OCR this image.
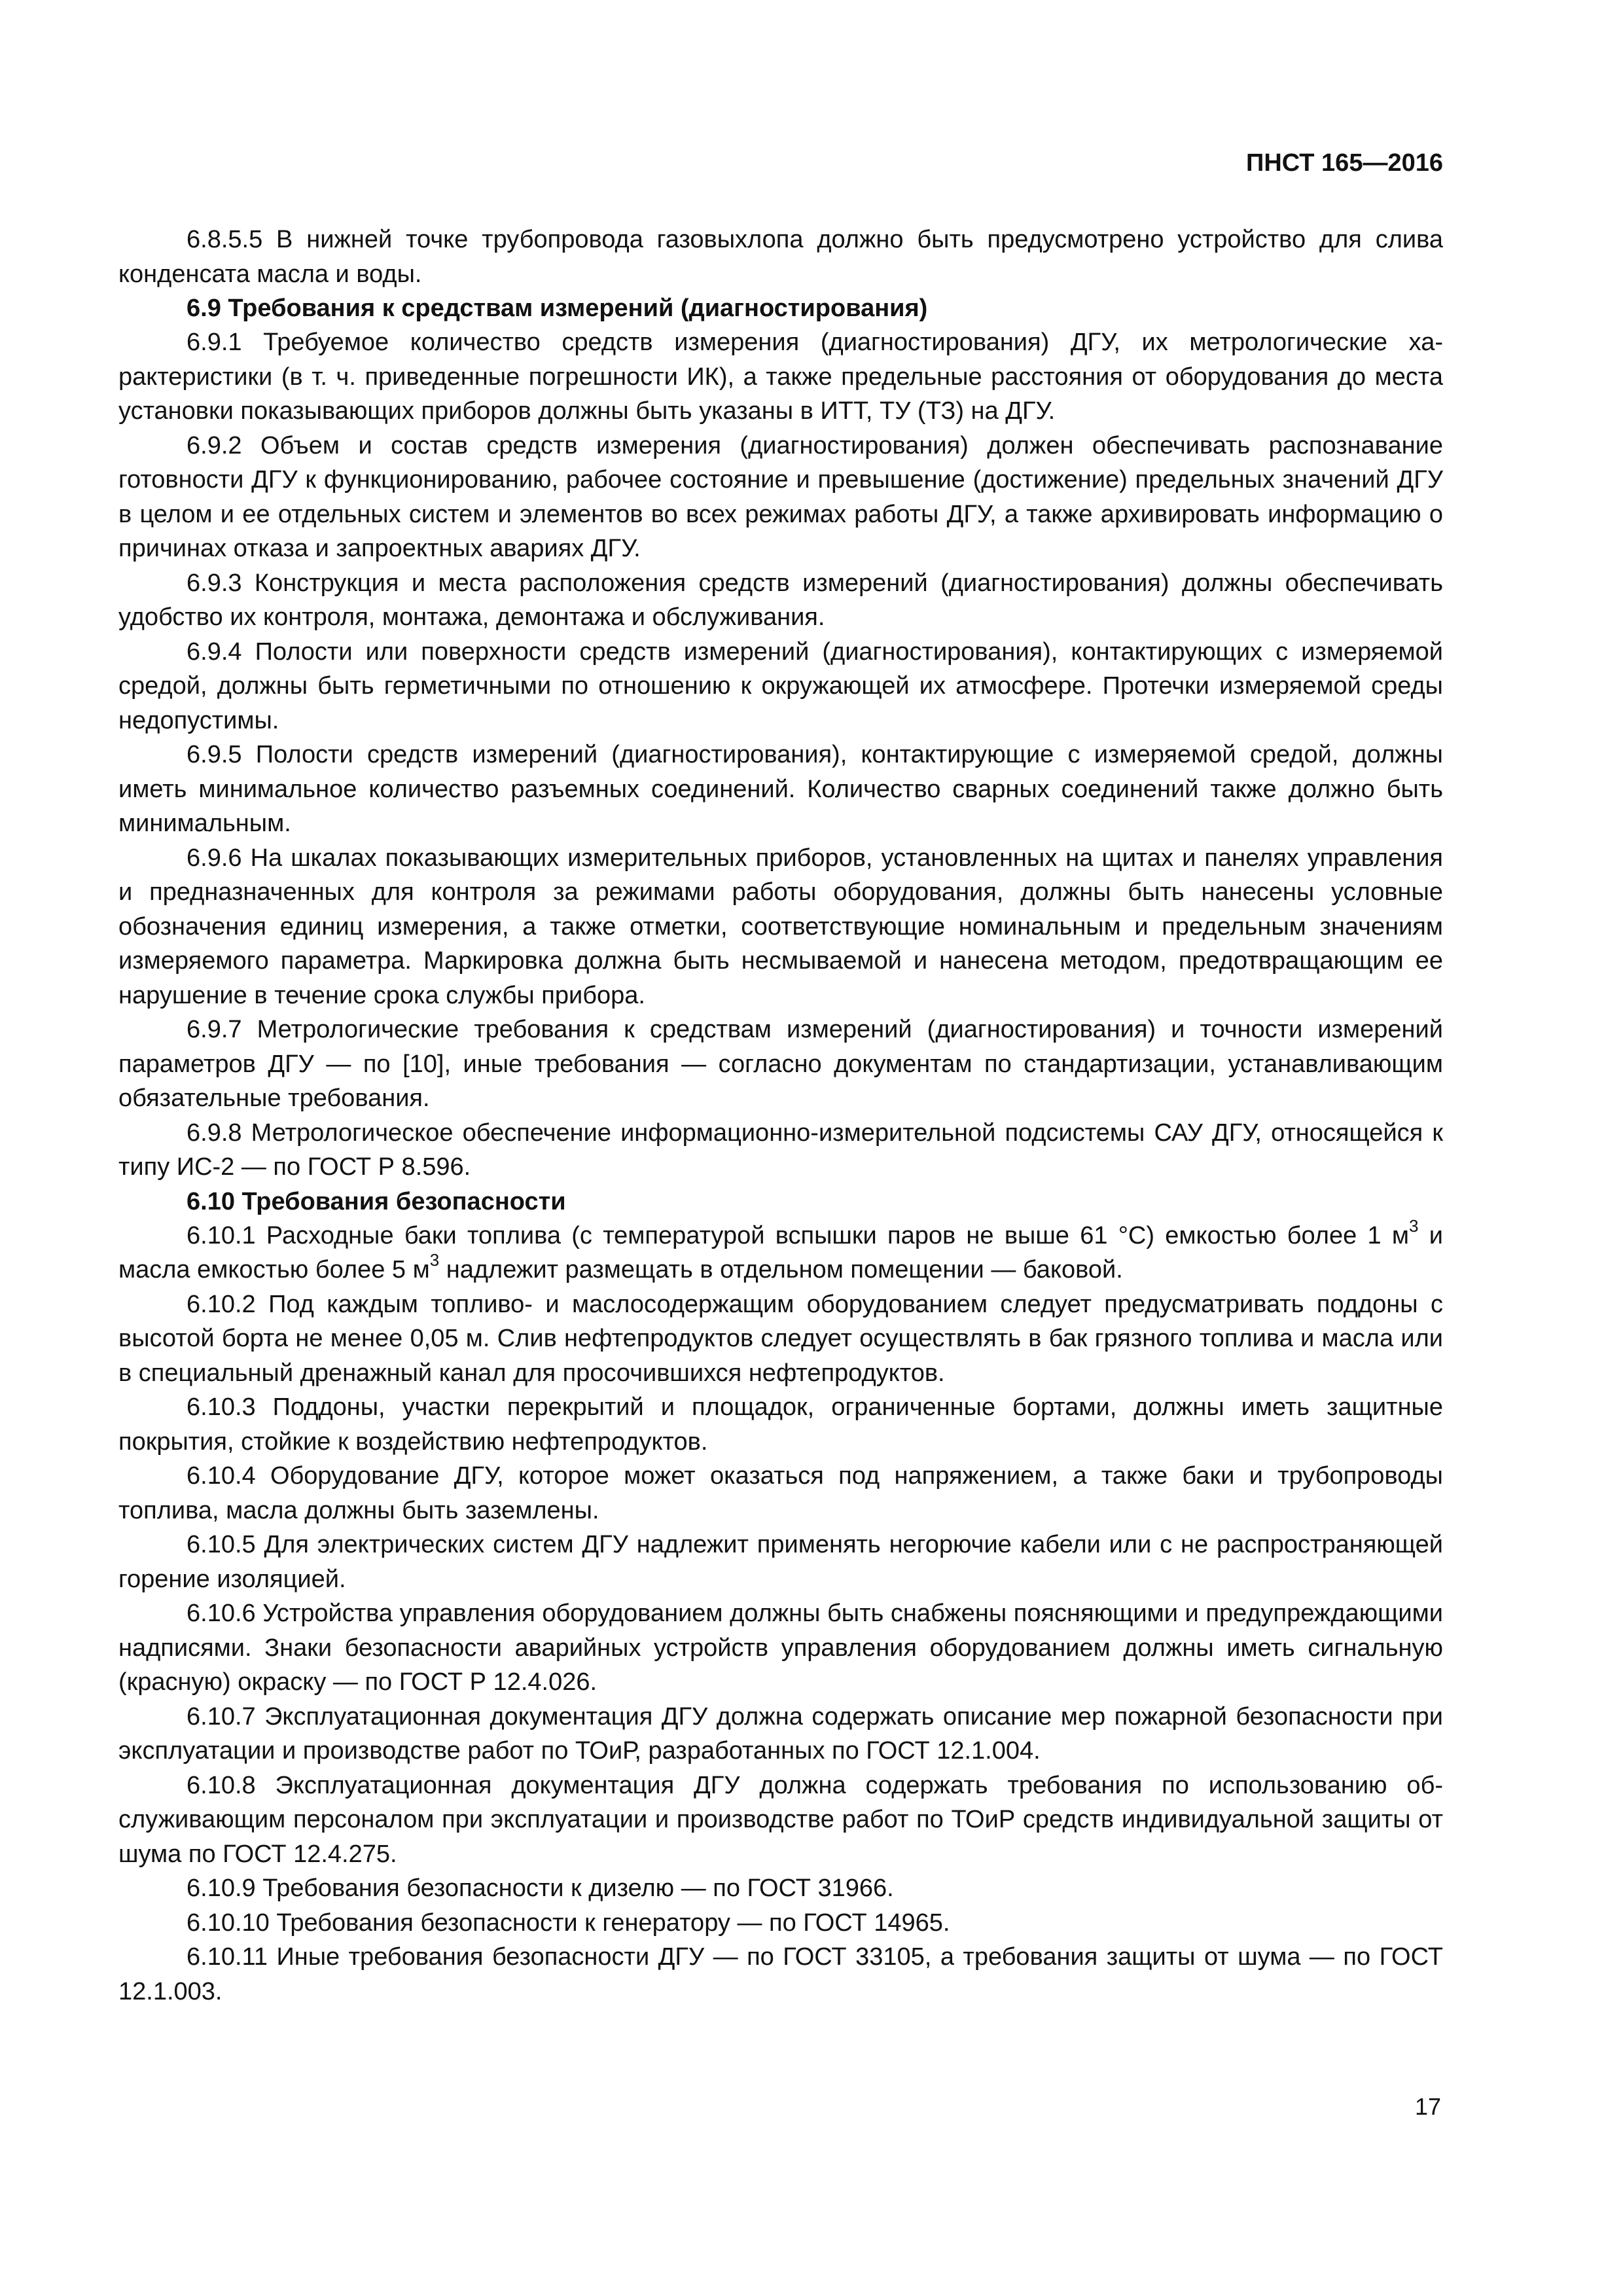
ПНСТ 165—2016

6.8.5.5 В нижней точке трубопровода газовыхлопа должно быть предусмотрено устройство для слива конденсата масла и воды.

6.9 Требования к средствам измерений (диагностирования)

6.9.1 Требуемое количество средств измерения (диагностирования) ДГУ, их метрологические характеристики (в т. ч. приведенные погрешности ИК), а также предельные расстояния от оборудования до места установки показывающих приборов должны быть указаны в ИТТ, ТУ (ТЗ) на ДГУ.

6.9.2 Объем и состав средств измерения (диагностирования) должен обеспечивать распознавание готовности ДГУ к функционированию, рабочее состояние и превышение (достижение) предельных значений ДГУ в целом и ее отдельных систем и элементов во всех режимах работы ДГУ, а также архивировать информацию о причинах отказа и запроектных авариях ДГУ.

6.9.3 Конструкция и места расположения средств измерений (диагностирования) должны обеспечивать удобство их контроля, монтажа, демонтажа и обслуживания.

6.9.4 Полости или поверхности средств измерений (диагностирования), контактирующих с измеряемой средой, должны быть герметичными по отношению к окружающей их атмосфере. Протечки измеряемой среды недопустимы.

6.9.5 Полости средств измерений (диагностирования), контактирующие с измеряемой средой, должны иметь минимальное количество разъемных соединений. Количество сварных соединений также должно быть минимальным.

6.9.6 На шкалах показывающих измерительных приборов, установленных на щитах и панелях управления и предназначенных для контроля за режимами работы оборудования, должны быть нанесены условные обозначения единиц измерения, а также отметки, соответствующие номинальным и предельным значениям измеряемого параметра. Маркировка должна быть несмываемой и нанесена методом, предотвращающим ее нарушение в течение срока службы прибора.

6.9.7 Метрологические требования к средствам измерений (диагностирования) и точности измерений параметров ДГУ — по [10], иные требования — согласно документам по стандартизации, устанавливающим обязательные требования.

6.9.8 Метрологическое обеспечение информационно-измерительной подсистемы САУ ДГУ, относящейся к типу ИС-2 — по ГОСТ Р 8.596.

6.10 Требования безопасности

6.10.1 Расходные баки топлива (с температурой вспышки паров не выше 61 °С) емкостью более 1 $м^3$ и масла емкостью более 5 $м^3$ надлежит размещать в отдельном помещении — баковой.

6.10.2 Под каждым топливо- и маслосодержащим оборудованием следует предусматривать поддоны с высотой борта не менее 0,05 м. Слив нефтепродуктов следует осуществлять в бак грязного топлива и масла или в специальный дренажный канал для просочившихся нефтепродуктов.

6.10.3 Поддоны, участки перекрытий и площадок, ограниченные бортами, должны иметь защитные покрытия, стойкие к воздействию нефтепродуктов.

6.10.4 Оборудование ДГУ, которое может оказаться под напряжением, а также баки и трубопроводы топлива, масла должны быть заземлены.

6.10.5 Для электрических систем ДГУ надлежит применять негорючие кабели или с не распространяющей горение изоляцией.

6.10.6 Устройства управления оборудованием должны быть снабжены поясняющими и предупреждающими надписями. Знаки безопасности аварийных устройств управления оборудованием должны иметь сигнальную (красную) окраску — по ГОСТ Р 12.4.026.

6.10.7 Эксплуатационная документация ДГУ должна содержать описание мер пожарной безопасности при эксплуатации и производстве работ по ТОиР, разработанных по ГОСТ 12.1.004.

6.10.8 Эксплуатационная документация ДГУ должна содержать требования по использованию обслуживающим персоналом при эксплуатации и производстве работ по ТОиР средств индивидуальной защиты от шума по ГОСТ 12.4.275.

6.10.9 Требования безопасности к дизелю — по ГОСТ 31966.

6.10.10 Требования безопасности к генератору — по ГОСТ 14965.

6.10.11 Иные требования безопасности ДГУ — по ГОСТ 33105, а требования защиты от шума — по ГОСТ 12.1.003.

17
